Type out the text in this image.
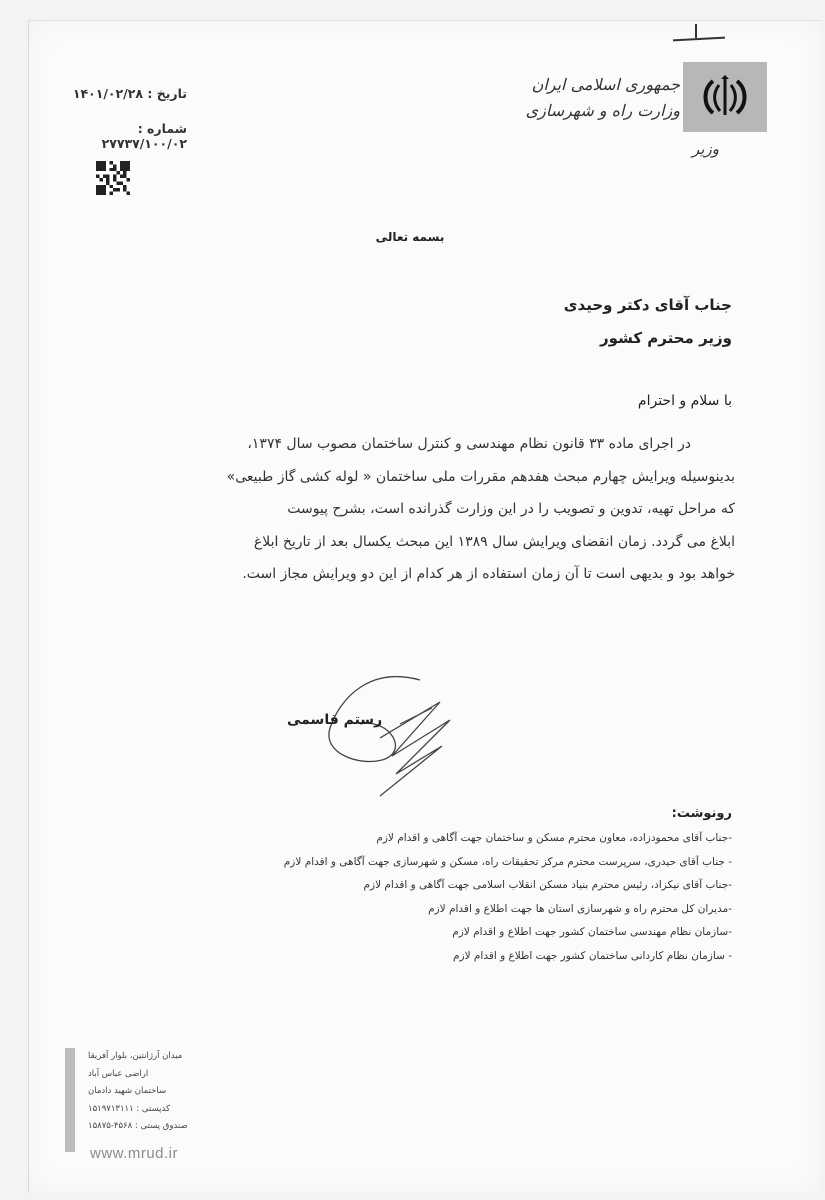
جمهوری اسلامی ایران
وزارت راه و شهرسازی
وزیر
تاریخ : ۱۴۰۱/۰۲/۲۸
شماره : ۲۷۷۳۷/۱۰۰/۰۲
بسمه تعالی
جناب آقای دکتر وحیدی
وزیر محترم کشور
با سلام و احترام

در اجرای ماده ۳۳ قانون نظام مهندسی و کنترل ساختمان مصوب سال ۱۳۷۴،

بدینوسیله ویرایش چهارم مبحث هفدهم مقررات ملی ساختمان « لوله کشی گاز طبیعی»

که مراحل تهیه، تدوین و تصویب را در این وزارت گذرانده است، بشرح پیوست

ابلاغ می گردد. زمان انقضای ویرایش سال ۱۳۸۹ این مبحث یکسال بعد از تاریخ ابلاغ

خواهد بود و بدیهی است تا آن زمان استفاده از هر کدام از این دو ویرایش مجاز است.

رستم قاسمی
رونوشت:
-جناب آقای محمودزاده، معاون محترم مسکن و ساختمان جهت آگاهی و اقدام لازم
- جناب آقای حیدری، سرپرست محترم مرکز تحقیقات راه، مسکن و شهرسازی جهت آگاهی و اقدام لازم
-جناب آقای نیکزاد، رئیس محترم بنیاد مسکن انقلاب اسلامی جهت آگاهی و اقدام لازم
-مدیران کل محترم راه و شهرسازی استان ها جهت اطلاع و اقدام لازم
-سازمان نظام مهندسی ساختمان کشور جهت اطلاع و اقدام لازم
- سازمان نظام کاردانی ساختمان کشور جهت اطلاع و اقدام لازم
میدان آرژانتین، بلوار آفریقا
اراضی عباس آباد
ساختمان شهید دادمان
کدپستی : ۱۵۱۹۷۱۳۱۱۱
صندوق پستی : ۴۵۶۸-۱۵۸۷۵
www.mrud.ir
